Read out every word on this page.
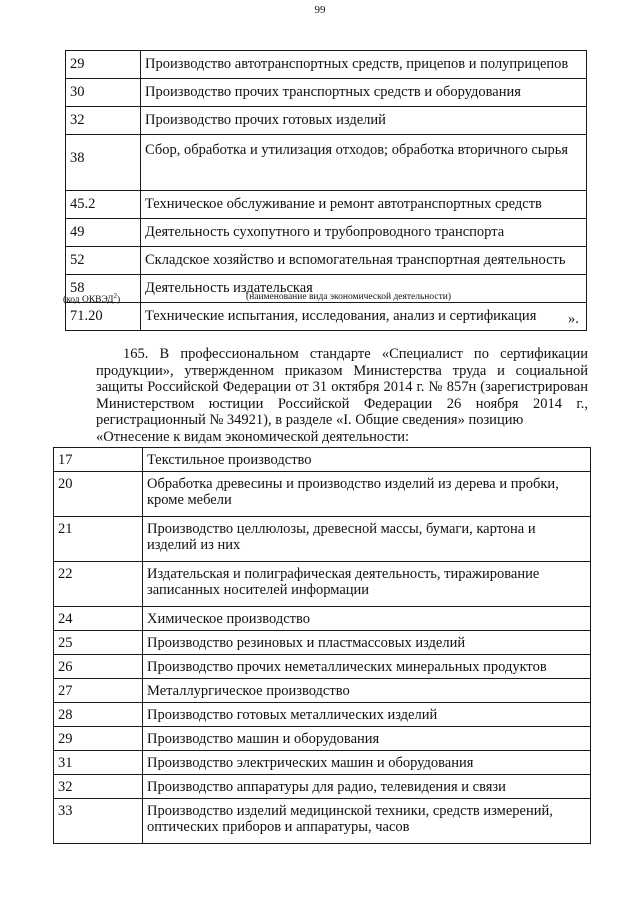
99
29	Производство автотранспортных средств, прицепов и полуприцепов
30	Производство прочих транспортных средств и оборудования
32	Производство прочих готовых изделий
38	Сбор, обработка и утилизация отходов; обработка вторичного сырья
45.2	Техническое обслуживание и ремонт автотранспортных средств
49	Деятельность сухопутного и трубопроводного транспорта
52	Складское хозяйство и вспомогательная транспортная деятельность
58	Деятельность издательская
71.20	Технические испытания, исследования, анализ и сертификация
(код ОКВЭД$^2$)	(наименование вида экономической деятельности)
».

165. В профессиональном стандарте «Специалист по сертификации

продукции», утвержденном приказом Министерства труда и социальной защиты Российской Федерации от 31 октября 2014 г. № 857н (зарегистрирован Министерством юстиции Российской Федерации 26 ноября 2014 г., регистрационный № 34921), в разделе «I. Общие сведения» позицию

«Отнесение к видам экономической деятельности:

17	Текстильное производство
20	Обработка древесины и производство изделий из дерева и пробки, кроме мебели
21	Производство целлюлозы, древесной массы, бумаги, картона и изделий из них
22	Издательская и полиграфическая деятельность, тиражирование записанных носителей информации
24	Химическое производство
25	Производство резиновых и пластмассовых изделий
26	Производство прочих неметаллических минеральных продуктов
27	Металлургическое производство
28	Производство готовых металлических изделий
29	Производство машин и оборудования
31	Производство электрических машин и оборудования
32	Производство аппаратуры для радио, телевидения и связи
33	Производство изделий медицинской техники, средств измерений, оптических приборов и аппаратуры, часов
